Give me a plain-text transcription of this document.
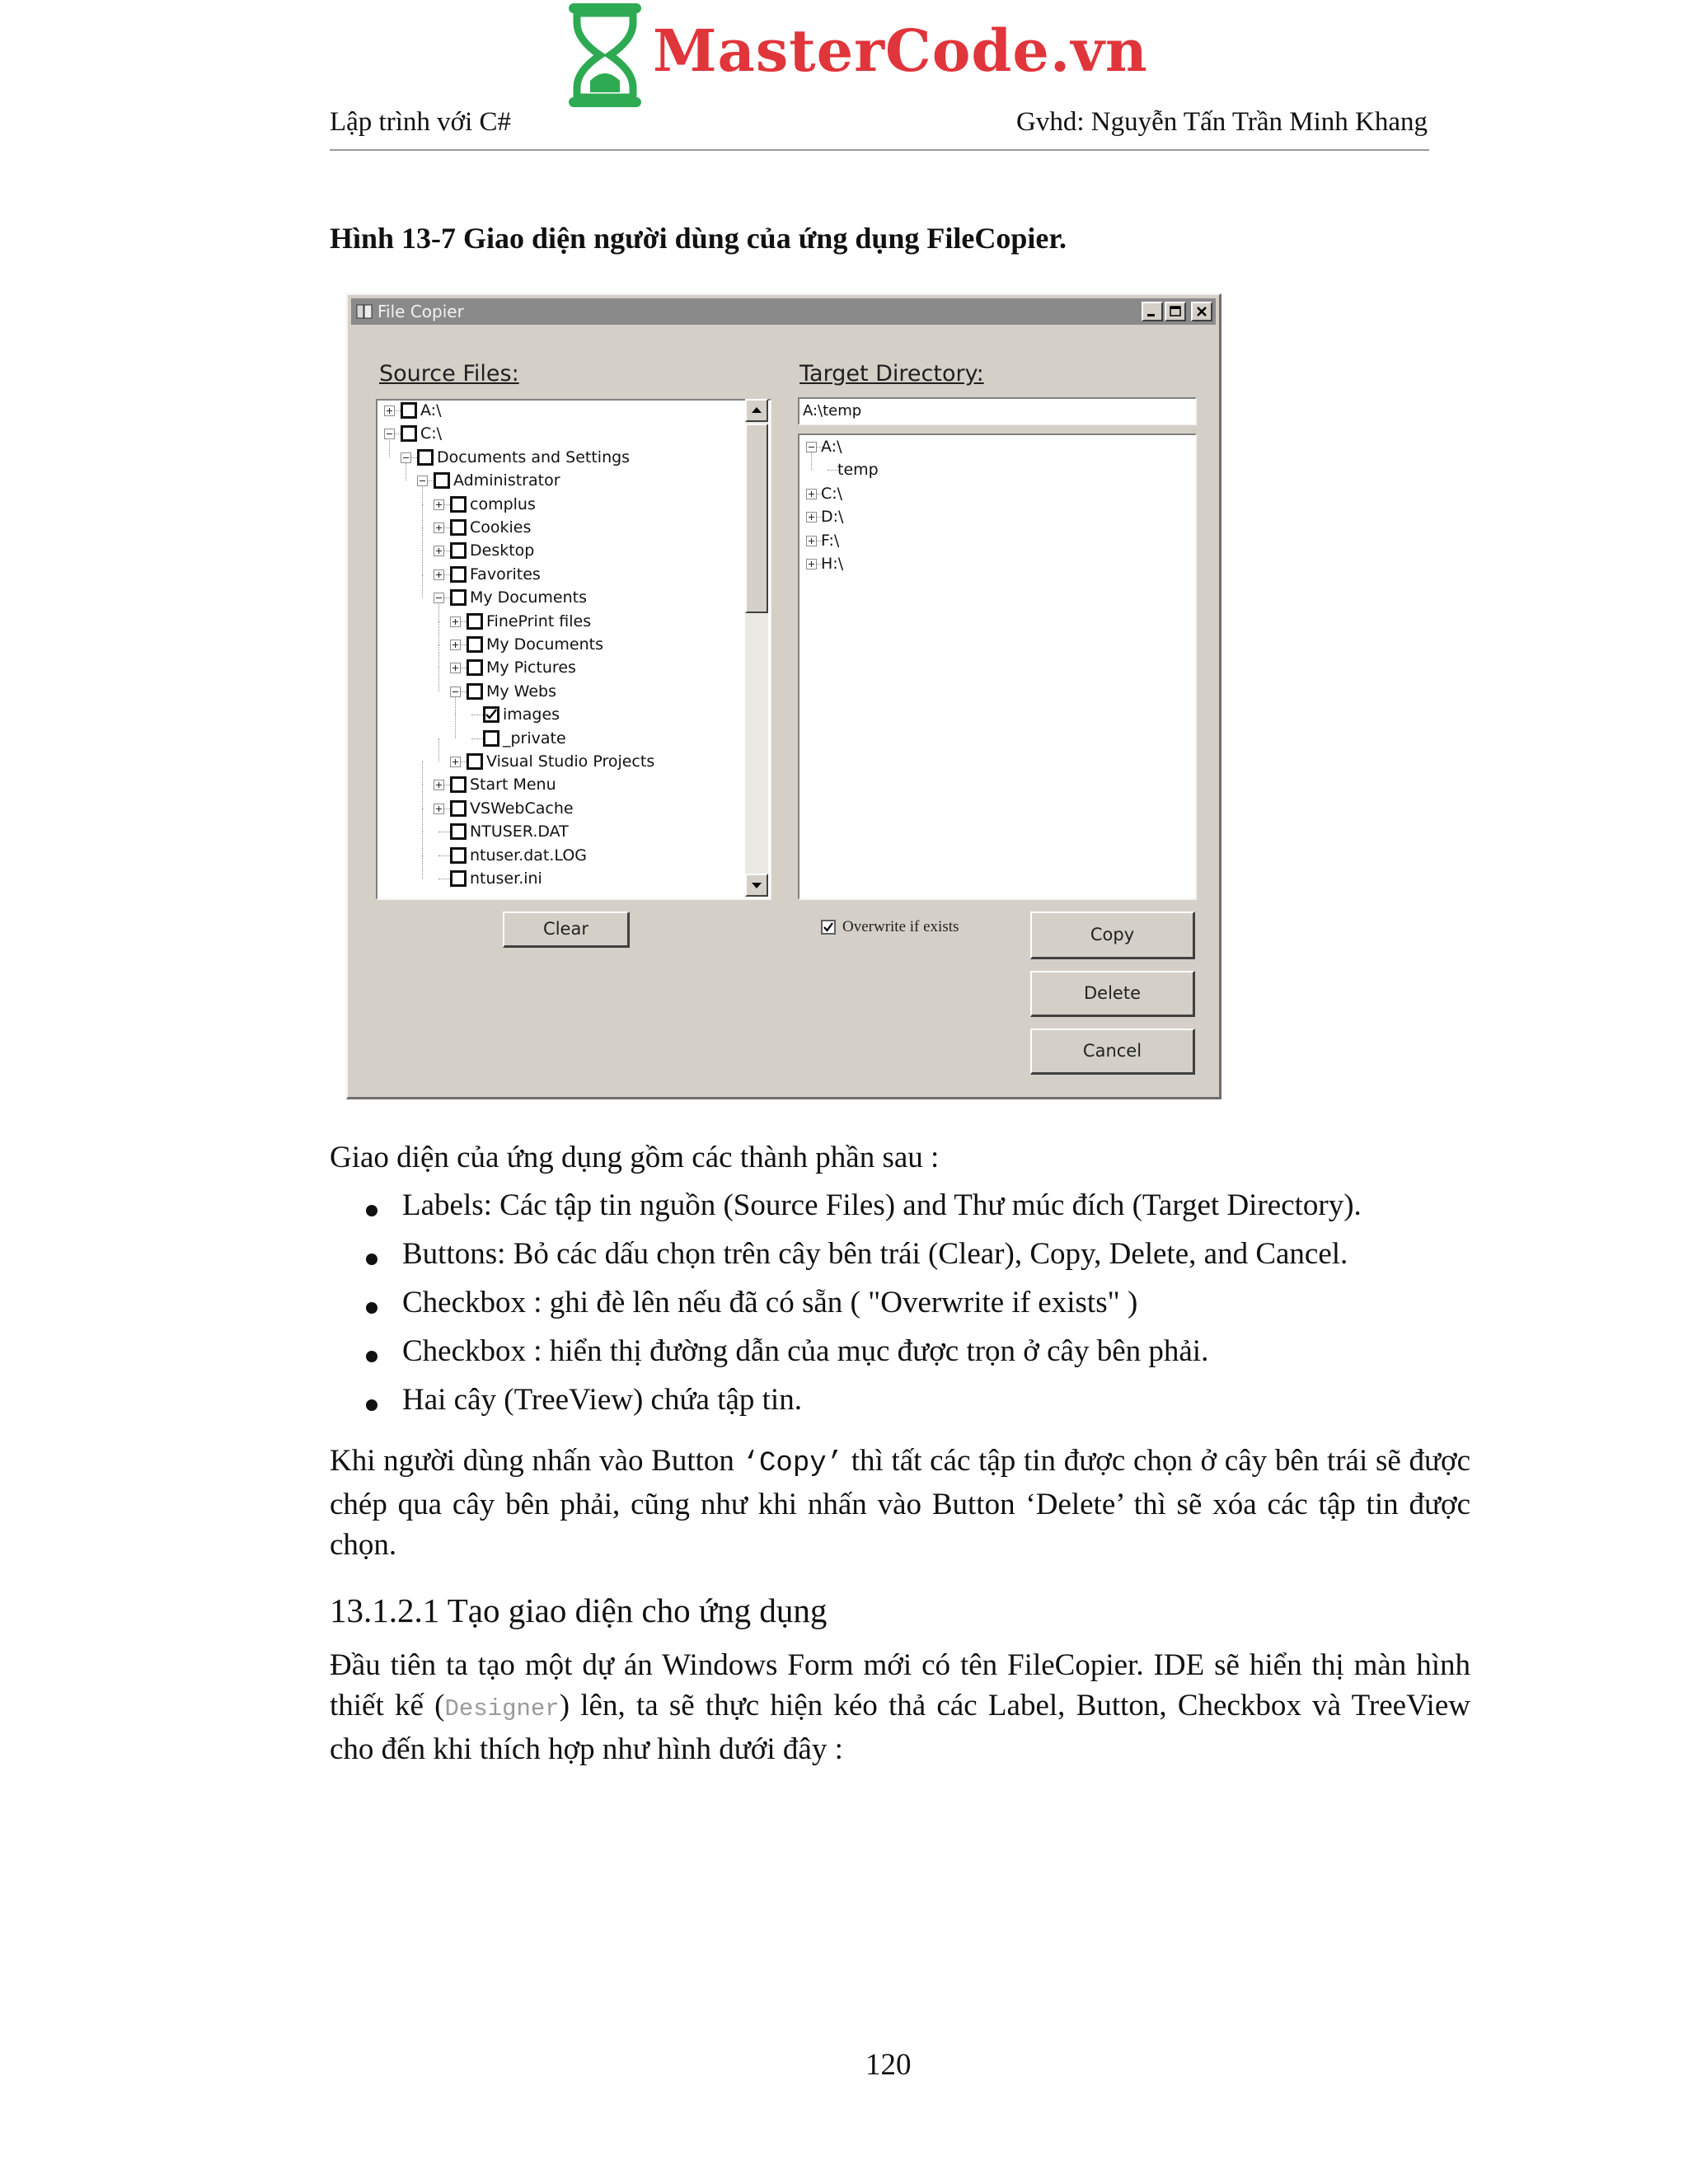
MasterCode.vn
Lập trình với C#	Gvhd: Nguyễn Tấn Trần Minh Khang
Hình 13-7 Giao diện người dùng của ứng dụng FileCopier.
File Copier
Source Files:	Target Directory:
A:\
C:\
Documents and Settings
Administrator
complus
Cookies
Desktop
Favorites
My Documents
FinePrint files
My Documents
My Pictures
My Webs
images
_private
Visual Studio Projects
Start Menu
VSWebCache
NTUSER.DAT
ntuser.dat.LOG
ntuser.ini
A:\temp
A:\
temp
C:\
D:\
F:\
H:\
Clear	Copy
Delete
Cancel
Overwrite if exists
Giao diện của ứng dụng gồm các thành phần sau :
Labels: Các tập tin nguồn (Source Files) and Thư múc đích (Target Directory).
Buttons: Bỏ các dấu chọn trên cây bên trái (Clear), Copy, Delete, and Cancel.
Checkbox : ghi đè lên nếu đã có sẵn ( "Overwrite if exists" )
Checkbox : hiển thị đường dẫn của mục được trọn ở cây bên phải.
Hai cây (TreeView) chứa tập tin.
Khi người dùng nhấn vào Button ‘Copy’ thì tất các tập tin được chọn ở cây bên trái sẽ được chép qua cây bên phải, cũng như khi nhấn vào Button ‘Delete’ thì sẽ xóa các tập tin được chọn.
13.1.2.1 Tạo giao diện cho ứng dụng
Đầu tiên ta tạo một dự án Windows Form mới có tên FileCopier. IDE sẽ hiển thị màn hình thiết kế (Designer) lên, ta sẽ thực hiện kéo thả các Label, Button, Checkbox và TreeView cho đến khi thích hợp như hình dưới đây :
120
